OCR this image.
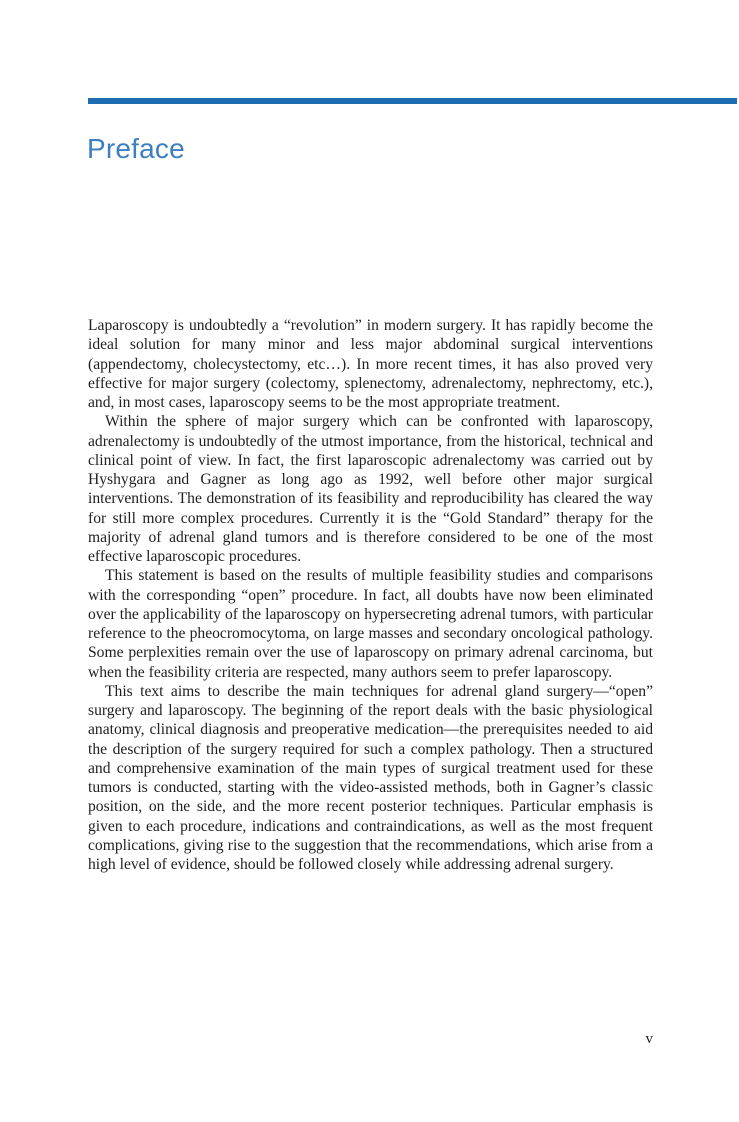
Preface

Laparoscopy is undoubtedly a “revolution” in modern surgery. It has rapidly become the ideal solution for many minor and less major abdominal surgical interventions (appendectomy, cholecystectomy, etc…). In more recent times, it has also proved very effective for major surgery (colectomy, splenectomy, adrenalectomy, nephrectomy, etc.), and, in most cases, laparoscopy seems to be the most appropriate treatment.

Within the sphere of major surgery which can be confronted with laparoscopy, adrenalectomy is undoubtedly of the utmost importance, from the historical, technical and clinical point of view. In fact, the first laparoscopic adrenalectomy was carried out by Hyshygara and Gagner as long ago as 1992, well before other major surgical interventions. The demonstration of its feasibility and reproducibility has cleared the way for still more complex procedures. Currently it is the “Gold Standard” therapy for the majority of adrenal gland tumors and is therefore considered to be one of the most effective laparoscopic procedures.

This statement is based on the results of multiple feasibility studies and comparisons with the corresponding “open” procedure. In fact, all doubts have now been eliminated over the applicability of the laparoscopy on hypersecreting adrenal tumors, with particular reference to the pheocromocytoma, on large masses and secondary oncological pathology. Some perplexities remain over the use of laparoscopy on primary adrenal carcinoma, but when the feasibility criteria are respected, many authors seem to prefer laparoscopy.

This text aims to describe the main techniques for adrenal gland surgery—“open” surgery and laparoscopy. The beginning of the report deals with the basic physiological anatomy, clinical diagnosis and preoperative medication—the prerequisites needed to aid the description of the surgery required for such a complex pathology. Then a structured and comprehensive examination of the main types of surgical treatment used for these tumors is conducted, starting with the video-assisted methods, both in Gagner’s classic position, on the side, and the more recent posterior techniques. Particular emphasis is given to each procedure, indications and contraindications, as well as the most frequent complications, giving rise to the suggestion that the recommendations, which arise from a high level of evidence, should be followed closely while addressing adrenal surgery.

v
